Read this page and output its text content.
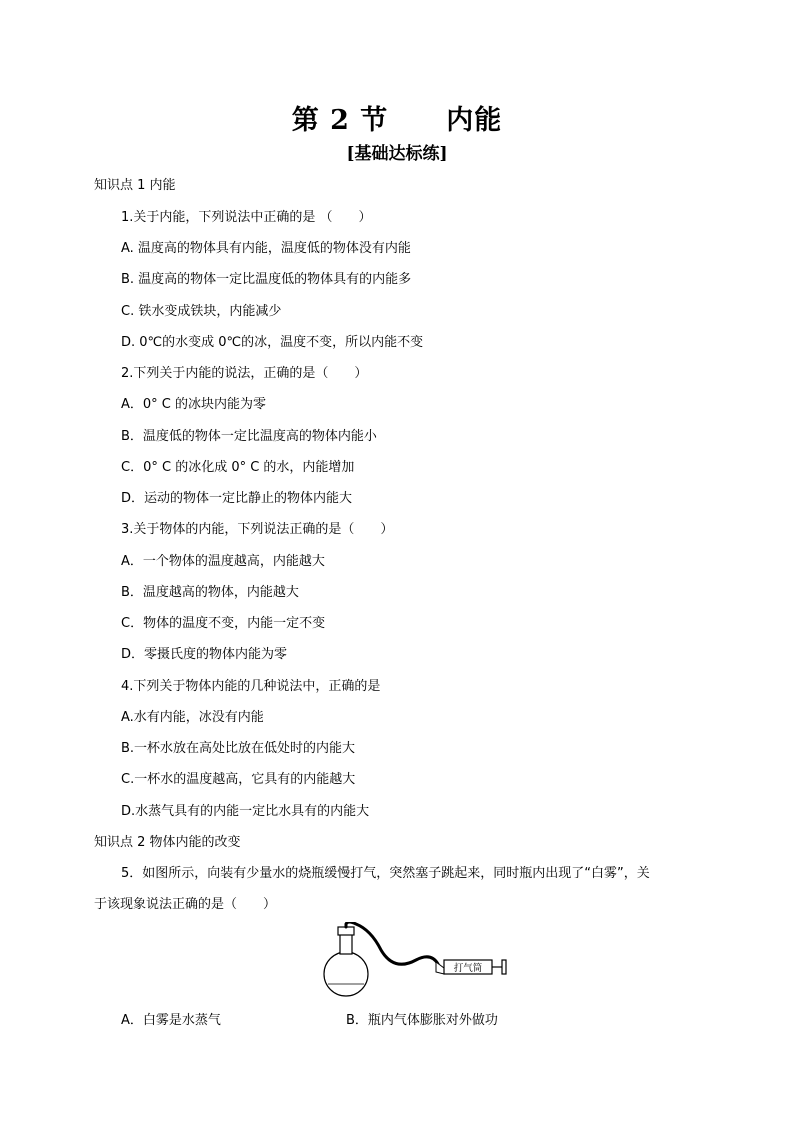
第 2 节 内能
[基础达标练]
知识点 1 内能
1.关于内能，下列说法中正确的是 （　　）
A. 温度高的物体具有内能，温度低的物体没有内能
B. 温度高的物体一定比温度低的物体具有的内能多
C. 铁水变成铁块，内能减少
D. 0℃的水变成 0℃的冰，温度不变，所以内能不变
2.下列关于内能的说法，正确的是（　　）
A．0° C 的冰块内能为零
B．温度低的物体一定比温度高的物体内能小
C．0° C 的冰化成 0° C 的水，内能增加
D．运动的物体一定比静止的物体内能大
3.关于物体的内能，下列说法正确的是（　　）
A．一个物体的温度越高，内能越大
B．温度越高的物体，内能越大
C．物体的温度不变，内能一定不变
D．零摄氏度的物体内能为零
4.下列关于物体内能的几种说法中，正确的是
A.水有内能，冰没有内能
B.一杯水放在高处比放在低处时的内能大
C.一杯水的温度越高，它具有的内能越大
D.水蒸气具有的内能一定比水具有的内能大
知识点 2 物体内能的改变
5．如图所示，向装有少量水的烧瓶缓慢打气，突然塞子跳起来，同时瓶内出现了“白雾”，关
于该现象说法正确的是（　　）
打气筒
A．白雾是水蒸气	B．瓶内气体膨胀对外做功
